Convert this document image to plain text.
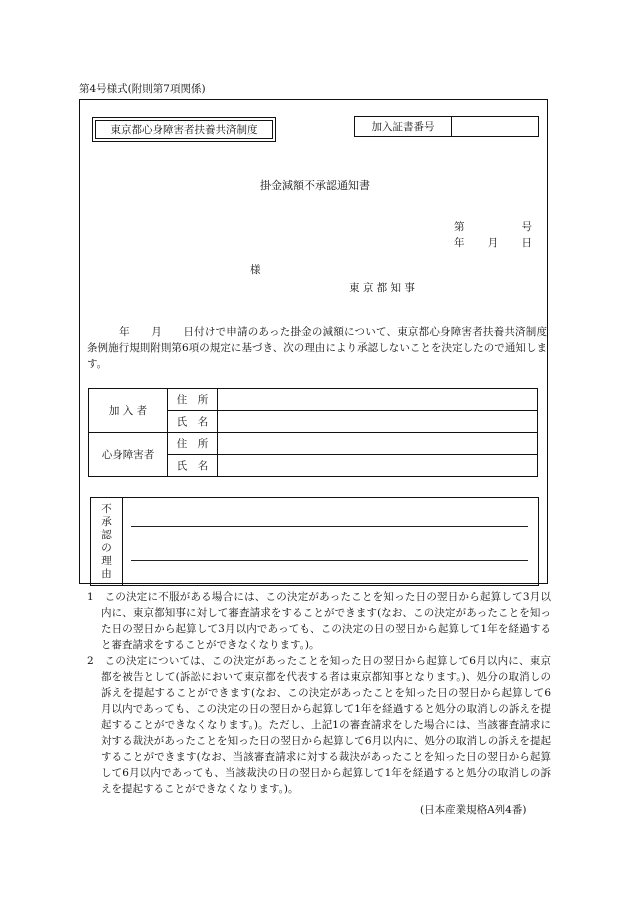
第4号様式(附則第7項関係)
東京都心身障害者扶養共済制度	加入証書番号
掛金減額不承認通知書
第	号
年 月 日
様
東 京 都 知 事
　　　年　　月　　日付けで申請のあった掛金の減額について、東京都心身障害者扶養共済制度条例施行規則附則第6項の規定に基づき、次の理由により承認しないことを決定したので通知します。
加 入 者	住　所	
	氏　名	
心身障害者	住　所	
	氏　名	
不
承
認
の
理
由
1　この決定に不服がある場合には、この決定があったことを知った日の翌日から起算して3月以内に、東京都知事に対して審査請求をすることができます(なお、この決定があったことを知った日の翌日から起算して3月以内であっても、この決定の日の翌日から起算して1年を経過すると審査請求をすることができなくなります。)。
2　この決定については、この決定があったことを知った日の翌日から起算して6月以内に、東京都を被告として(訴訟において東京都を代表する者は東京都知事となります。)、処分の取消しの訴えを提起することができます(なお、この決定があったことを知った日の翌日から起算して6月以内であっても、この決定の日の翌日から起算して1年を経過すると処分の取消しの訴えを提起することができなくなります。)。ただし、上記1の審査請求をした場合には、当該審査請求に対する裁決があったことを知った日の翌日から起算して6月以内に、処分の取消しの訴えを提起することができます(なお、当該審査請求に対する裁決があったことを知った日の翌日から起算して6月以内であっても、当該裁決の日の翌日から起算して1年を経過すると処分の取消しの訴えを提起することができなくなります。)。
(日本産業規格A列4番)
